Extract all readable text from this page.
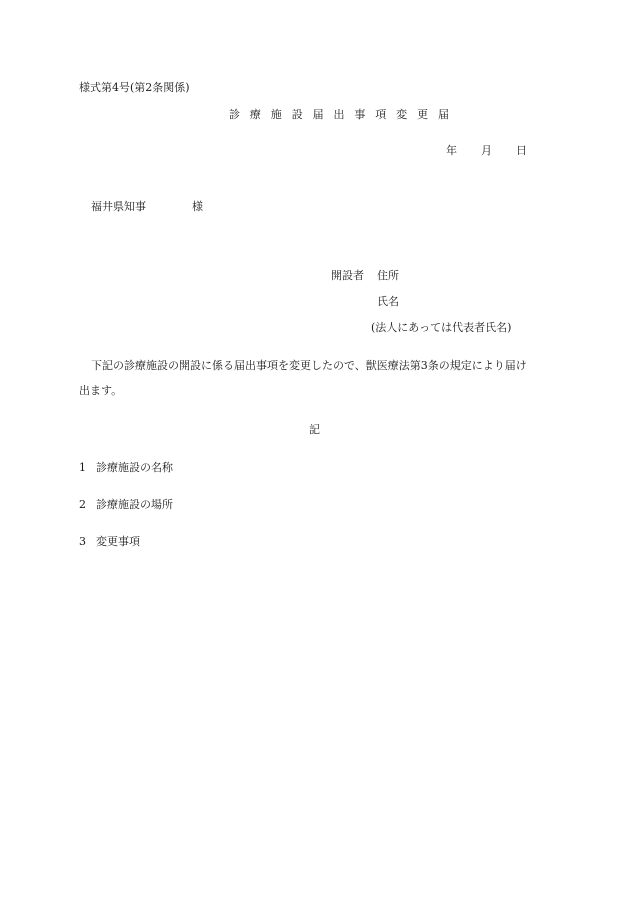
様式第4号(第2条関係)
診 療 施 設 届 出 事 項 変 更 届
年 月 日
福井県知事	様
開設者 住所
氏名
(法人にあっては代表者氏名)
下記の診療施設の開設に係る届出事項を変更したので、獣医療法第3条の規定により届け
出ます。
記
1 診療施設の名称
2 診療施設の場所
3 変更事項
